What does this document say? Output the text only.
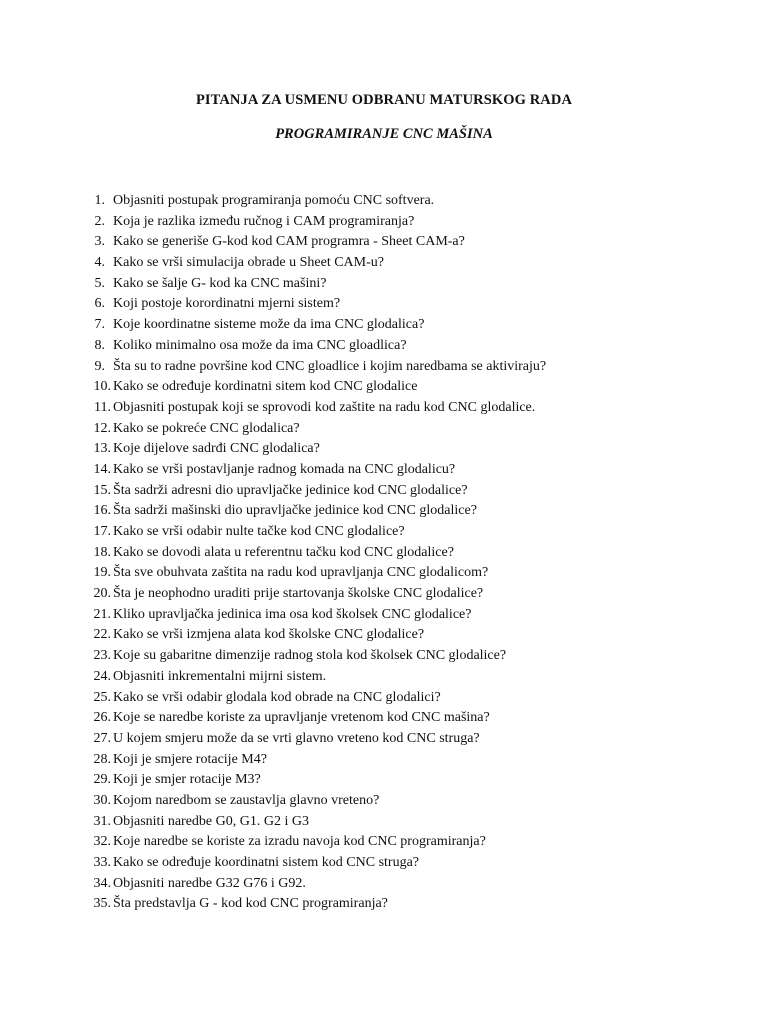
PITANJA ZA USMENU ODBRANU MATURSKOG RADA
PROGRAMIRANJE CNC MAŠINA
1. Objasniti postupak programiranja pomoću CNC softvera.
2. Koja je razlika između ručnog i CAM programiranja?
3. Kako se generiše G-kod kod CAM programra - Sheet CAM-a?
4. Kako se vrši simulacija obrade u Sheet CAM-u?
5. Kako se šalje G- kod ka CNC mašini?
6. Koji postoje korordinatni mjerni sistem?
7. Koje koordinatne sisteme može da ima CNC glodalica?
8. Koliko minimalno osa može da ima CNC gloadlica?
9. Šta su to radne površine kod CNC gloadlice i kojim naredbama se aktiviraju?
10. Kako se određuje kordinatni sitem kod CNC glodalice
11. Objasniti postupak koji se sprovodi kod zaštite na radu kod CNC glodalice.
12. Kako se pokreće CNC glodalica?
13. Koje dijelove sadrđi CNC glodalica?
14. Kako se vrši postavljanje radnog komada na CNC glodalicu?
15. Šta sadrži adresni dio upravljačke jedinice kod CNC glodalice?
16. Šta sadrži mašinski dio upravljačke jedinice kod CNC glodalice?
17. Kako se vrši odabir nulte tačke kod CNC glodalice?
18. Kako se dovodi alata u referentnu tačku kod CNC glodalice?
19. Šta sve obuhvata zaštita na radu kod upravljanja CNC glodalicom?
20. Šta je neophodno uraditi prije startovanja školske CNC glodalice?
21. Kliko upravljačka jedinica ima osa kod školsek CNC glodalice?
22. Kako se vrši izmjena alata kod školske CNC glodalice?
23. Koje su gabaritne dimenzije radnog stola kod školsek CNC glodalice?
24. Objasniti inkrementalni mijrni sistem.
25. Kako se vrši odabir glodala kod obrade na CNC glodalici?
26. Koje se naredbe koriste za upravljanje vretenom kod CNC mašina?
27. U kojem smjeru može da se vrti glavno vreteno kod CNC struga?
28. Koji je smjere rotacije M4?
29. Koji je smjer rotacije M3?
30. Kojom naredbom se zaustavlja glavno vreteno?
31. Objasniti naredbe G0, G1. G2 i G3
32. Koje naredbe se koriste za izradu navoja kod CNC programiranja?
33. Kako se određuje koordinatni sistem kod CNC struga?
34. Objasniti naredbe G32 G76 i G92.
35. Šta predstavlja G - kod kod CNC programiranja?
